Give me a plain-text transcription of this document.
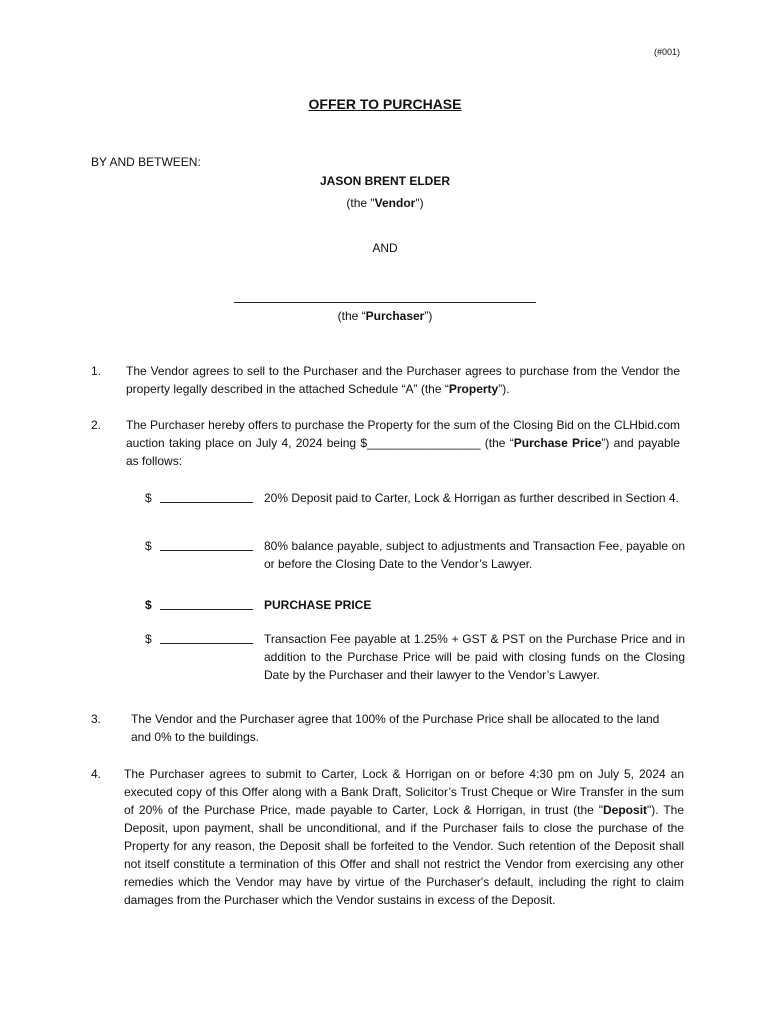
(#001)
OFFER TO PURCHASE
BY AND BETWEEN:
JASON BRENT ELDER
(the "Vendor")
AND
(the “Purchaser”)
1.	The Vendor agrees to sell to the Purchaser and the Purchaser agrees to purchase from the Vendor the property legally described in the attached Schedule “A” (the “Property”).
2.	The Purchaser hereby offers to purchase the Property for the sum of the Closing Bid on the CLHbid.com auction taking place on July 4, 2024 being $_________________ (the “Purchase Price”) and payable as follows:
$	20% Deposit paid to Carter, Lock & Horrigan as further described in Section 4.
$	80% balance payable, subject to adjustments and Transaction Fee, payable on or before the Closing Date to the Vendor’s Lawyer.
$	PURCHASE PRICE
$	Transaction Fee payable at 1.25% + GST & PST on the Purchase Price and in addition to the Purchase Price will be paid with closing funds on the Closing Date by the Purchaser and their lawyer to the Vendor’s Lawyer.
3.	The Vendor and the Purchaser agree that 100% of the Purchase Price shall be allocated to the land and 0% to the buildings.
4.	The Purchaser agrees to submit to Carter, Lock & Horrigan on or before 4:30 pm on July 5, 2024 an executed copy of this Offer along with a Bank Draft, Solicitor’s Trust Cheque or Wire Transfer in the sum of 20% of the Purchase Price, made payable to Carter, Lock & Horrigan, in trust (the "Deposit"). The Deposit, upon payment, shall be unconditional, and if the Purchaser fails to close the purchase of the Property for any reason, the Deposit shall be forfeited to the Vendor. Such retention of the Deposit shall not itself constitute a termination of this Offer and shall not restrict the Vendor from exercising any other remedies which the Vendor may have by virtue of the Purchaser's default, including the right to claim damages from the Purchaser which the Vendor sustains in excess of the Deposit.
